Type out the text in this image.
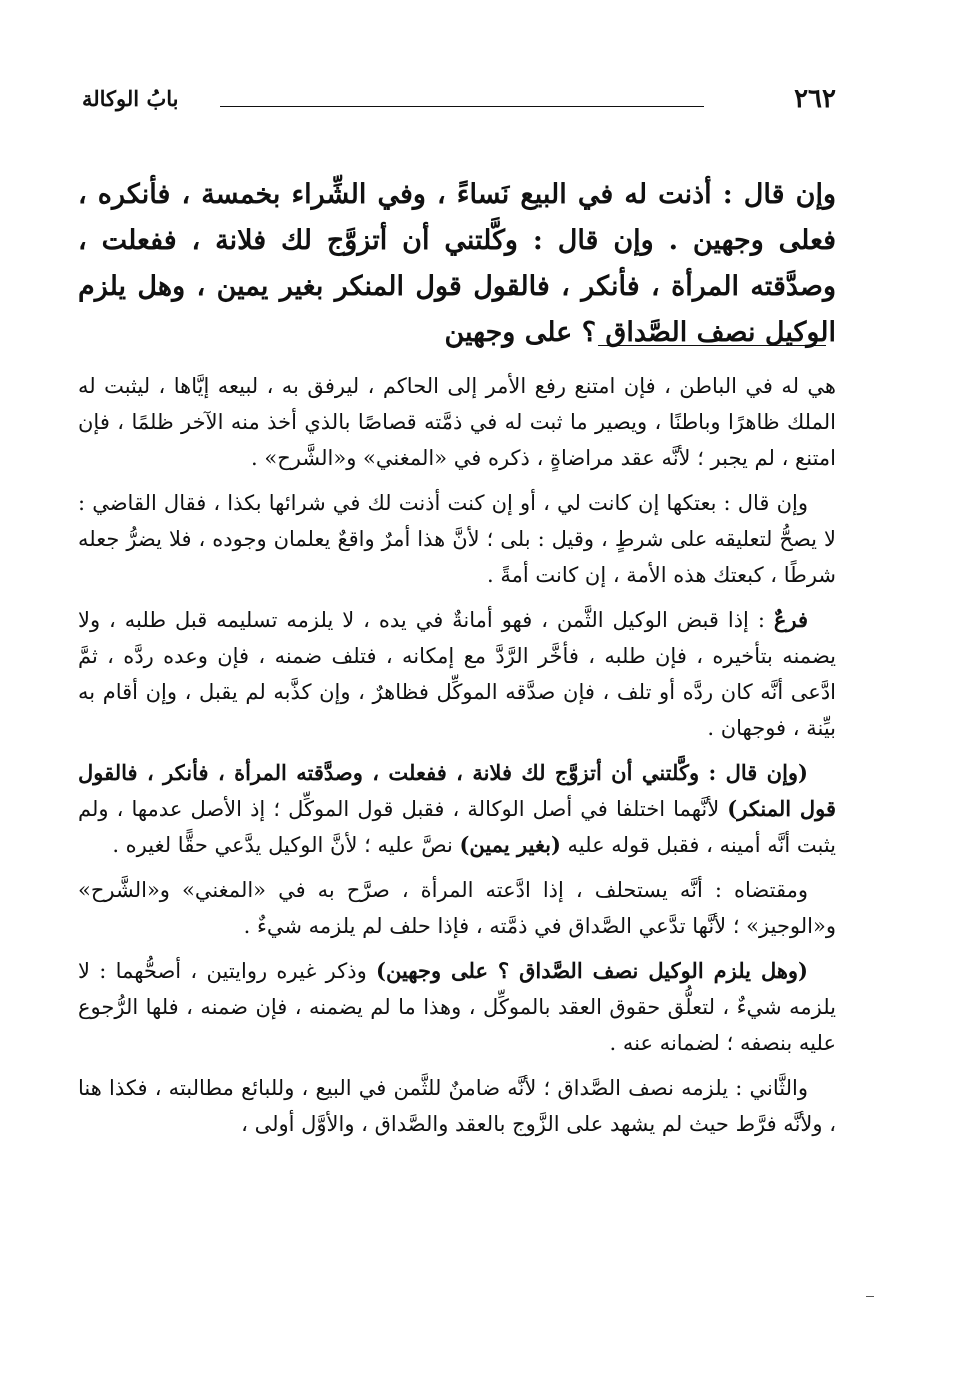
٢٦٢
بابُ الوكالة
وإن قال : أذنت له في البيع نَساءً ، وفي الشِّراء بخمسة ، فأنكره ، فعلى وجهين . وإن قال : وكَّلتني أن أتزوَّج لك فلانة ، ففعلت ، وصدَّقته المرأة ، فأنكر ، فالقول قول المنكر بغير يمين ، وهل يلزم الوكيل نصف الصَّداق ؟ على وجهين

هي له في الباطن ، فإن امتنع رفع الأمر إلى الحاكم ، ليرفق به ، لبيعه إيَّاها ، ليثبت له الملك ظاهرًا وباطنًا ، ويصير ما ثبت له في ذمَّته قصاصًا بالذي أخذ منه الآخر ظلمًا ، فإن امتنع ، لم يجبر ؛ لأنَّه عقد مراضاةٍ ، ذكره في «المغني» و«الشَّرح» .

وإن قال : بعتكها إن كانت لي ، أو إن كنت أذنت لك في شرائها بكذا ، فقال القاضي : لا يصحُّ لتعليقه على شرطٍ ، وقيل : بلى ؛ لأنَّ هذا أمرٌ واقعٌ يعلمان وجوده ، فلا يضرُّ جعله شرطًا ، كبعتك هذه الأمة ، إن كانت أمةً .

فرعٌ : إذا قبض الوكيل الثَّمن ، فهو أمانةٌ في يده ، لا يلزمه تسليمه قبل طلبه ، ولا يضمنه بتأخيره ، فإن طلبه ، فأخَّر الرَّدَّ مع إمكانه ، فتلف ضمنه ، فإن وعده ردَّه ، ثمَّ ادَّعى أنَّه كان ردَّه أو تلف ، فإن صدَّقه الموكِّل فظاهرٌ ، وإن كذَّبه لم يقبل ، وإن أقام به بيِّنة ، فوجهان .

(وإن قال : وكَّلتني أن أتزوَّج لك فلانة ، ففعلت ، وصدَّقته المرأة ، فأنكر ، فالقول قول المنكر) لأنَّهما اختلفا في أصل الوكالة ، فقبل قول الموكِّل ؛ إذ الأصل عدمها ، ولم يثبت أنَّه أمينه ، فقبل قوله عليه (بغير يمين) نصَّ عليه ؛ لأنَّ الوكيل يدَّعي حقًّا لغيره .

ومقتضاه : أنَّه يستحلف ، إذا ادَّعته المرأة ، صرَّح به في «المغني» و«الشَّرح» و«الوجيز» ؛ لأنَّها تدَّعي الصَّداق في ذمَّته ، فإذا حلف لم يلزمه شيءٌ .

(وهل يلزم الوكيل نصف الصَّداق ؟ على وجهين) وذكر غيره روايتين ، أصحُّهما : لا يلزمه شيءٌ ، لتعلُّق حقوق العقد بالموكِّل ، وهذا ما لم يضمنه ، فإن ضمنه ، فلها الرُّجوع عليه بنصفه ؛ لضمانه عنه .

والثَّاني : يلزمه نصف الصَّداق ؛ لأنَّه ضامنٌ للثَّمن في البيع ، وللبائع مطالبته ، فكذا هنا ، ولأنَّه فرَّط حيث لم يشهد على الزَّوج بالعقد والصَّداق ، والأوَّل أولى ،
